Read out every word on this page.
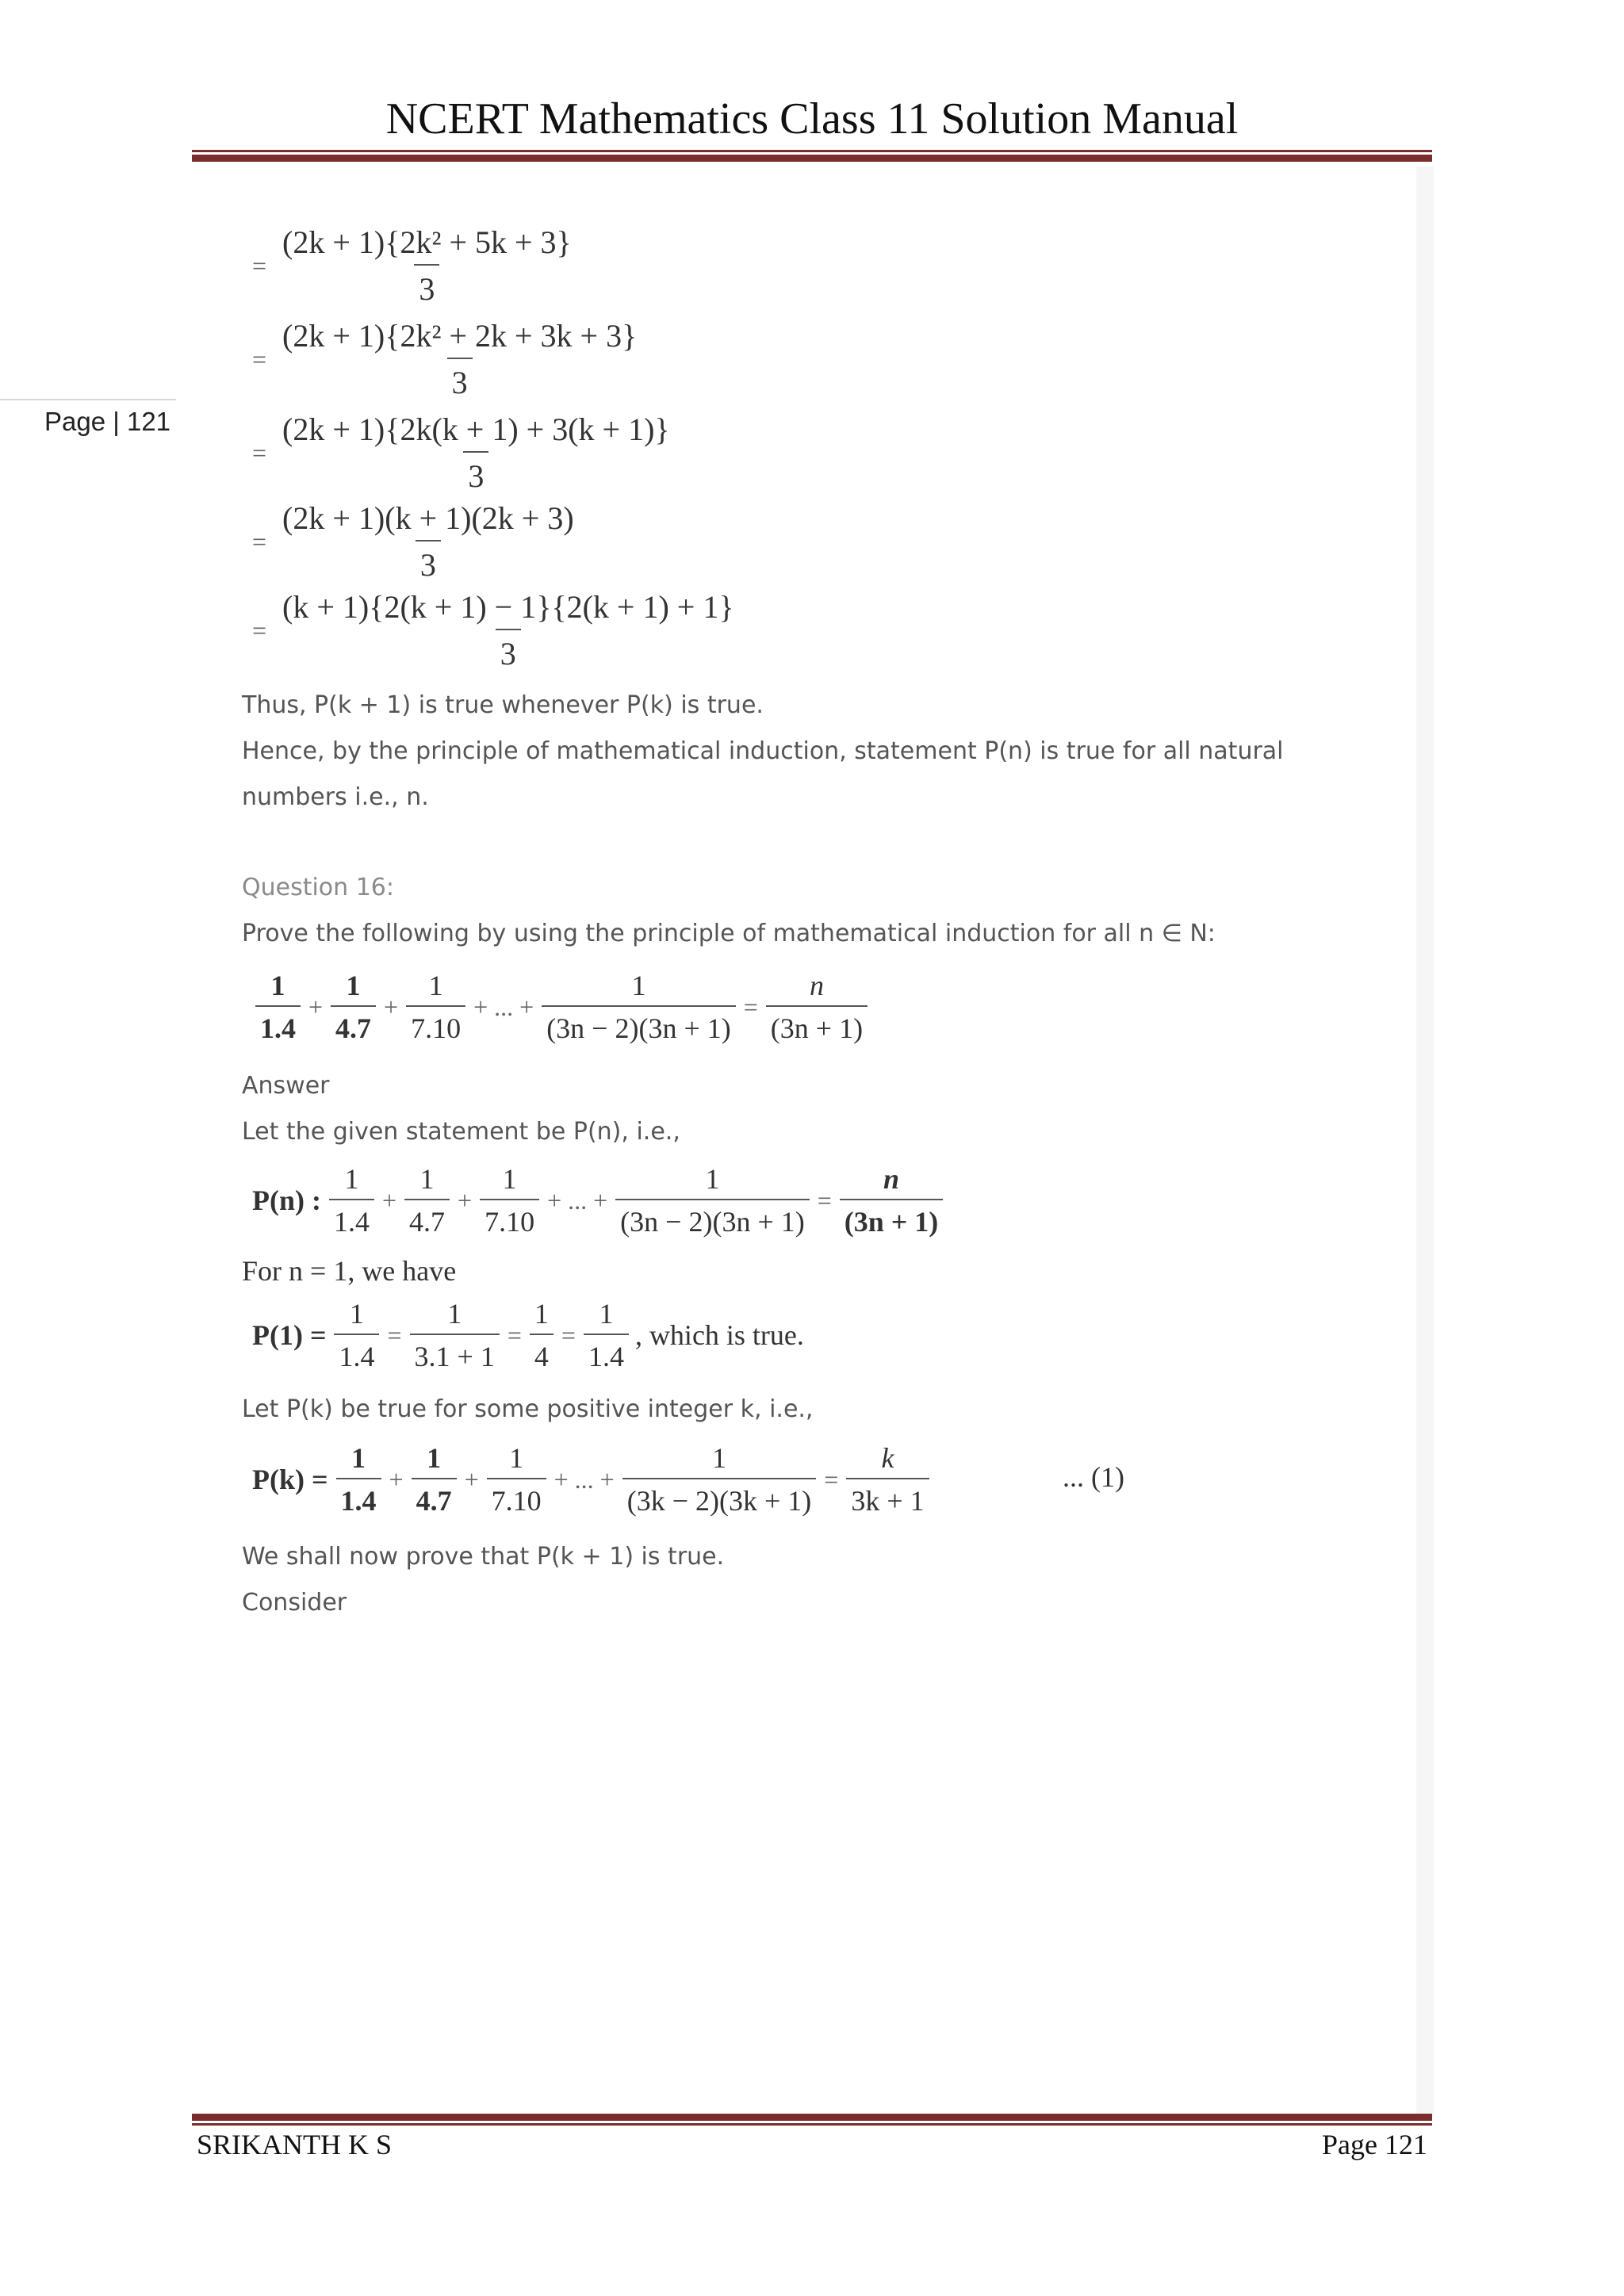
NCERT Mathematics Class 11 Solution Manual
Page | 121
= $\frac{\text{(2k + 1)\{2k² + 5k + 3\}}}{3}$
= $\frac{\text{(2k + 1)\{2k² + 2k + 3k + 3\}}}{3}$
= $\frac{(2k + 1)\{2k(k + 1) + 3(k + 1)\}}{3}$
= $\frac{(2k + 1)(k + 1)(2k + 3)}{3}$
= $\frac{(k + 1)\{2(k + 1) - 1\}\{2(k + 1) + 1\}}{3}$
Thus, P(k + 1) is true whenever P(k) is true.
Hence, by the principle of mathematical induction, statement P(n) is true for all natural
numbers i.e., n.
Question 16:
Prove the following by using the principle of mathematical induction for all n ∈ N:
$\frac{1}{1.4} + \frac{1}{4.7} + \frac{1}{7.10}$ + ... + $\frac{1}{(3n - 2)(3n + 1)} = \frac{n}{(3n + 1)}$
Answer
Let the given statement be P(n), i.e.,
P(n) : $\frac{1}{1.4} + \frac{1}{4.7} + \frac{1}{7.10}$ + ... + $\frac{1}{(3n - 2)(3n + 1)} = \frac{n}{(3n + 1)}$
For n = 1, we have
$P(1) = \frac{1}{1.4} = \frac{1}{3.1 + 1} = \frac{1}{4} = \frac{1}{1.4}$ , which is true.
Let P(k) be true for some positive integer k, i.e.,
$P(k) = \frac{1}{1.4} + \frac{1}{4.7} + \frac{1}{7.10}$ + ... + $\frac{1}{(3k - 2)(3k + 1)} = \frac{k}{3k + 1}$	... (1)
We shall now prove that P(k + 1) is true.
Consider
SRIKANTH K S	Page 121
